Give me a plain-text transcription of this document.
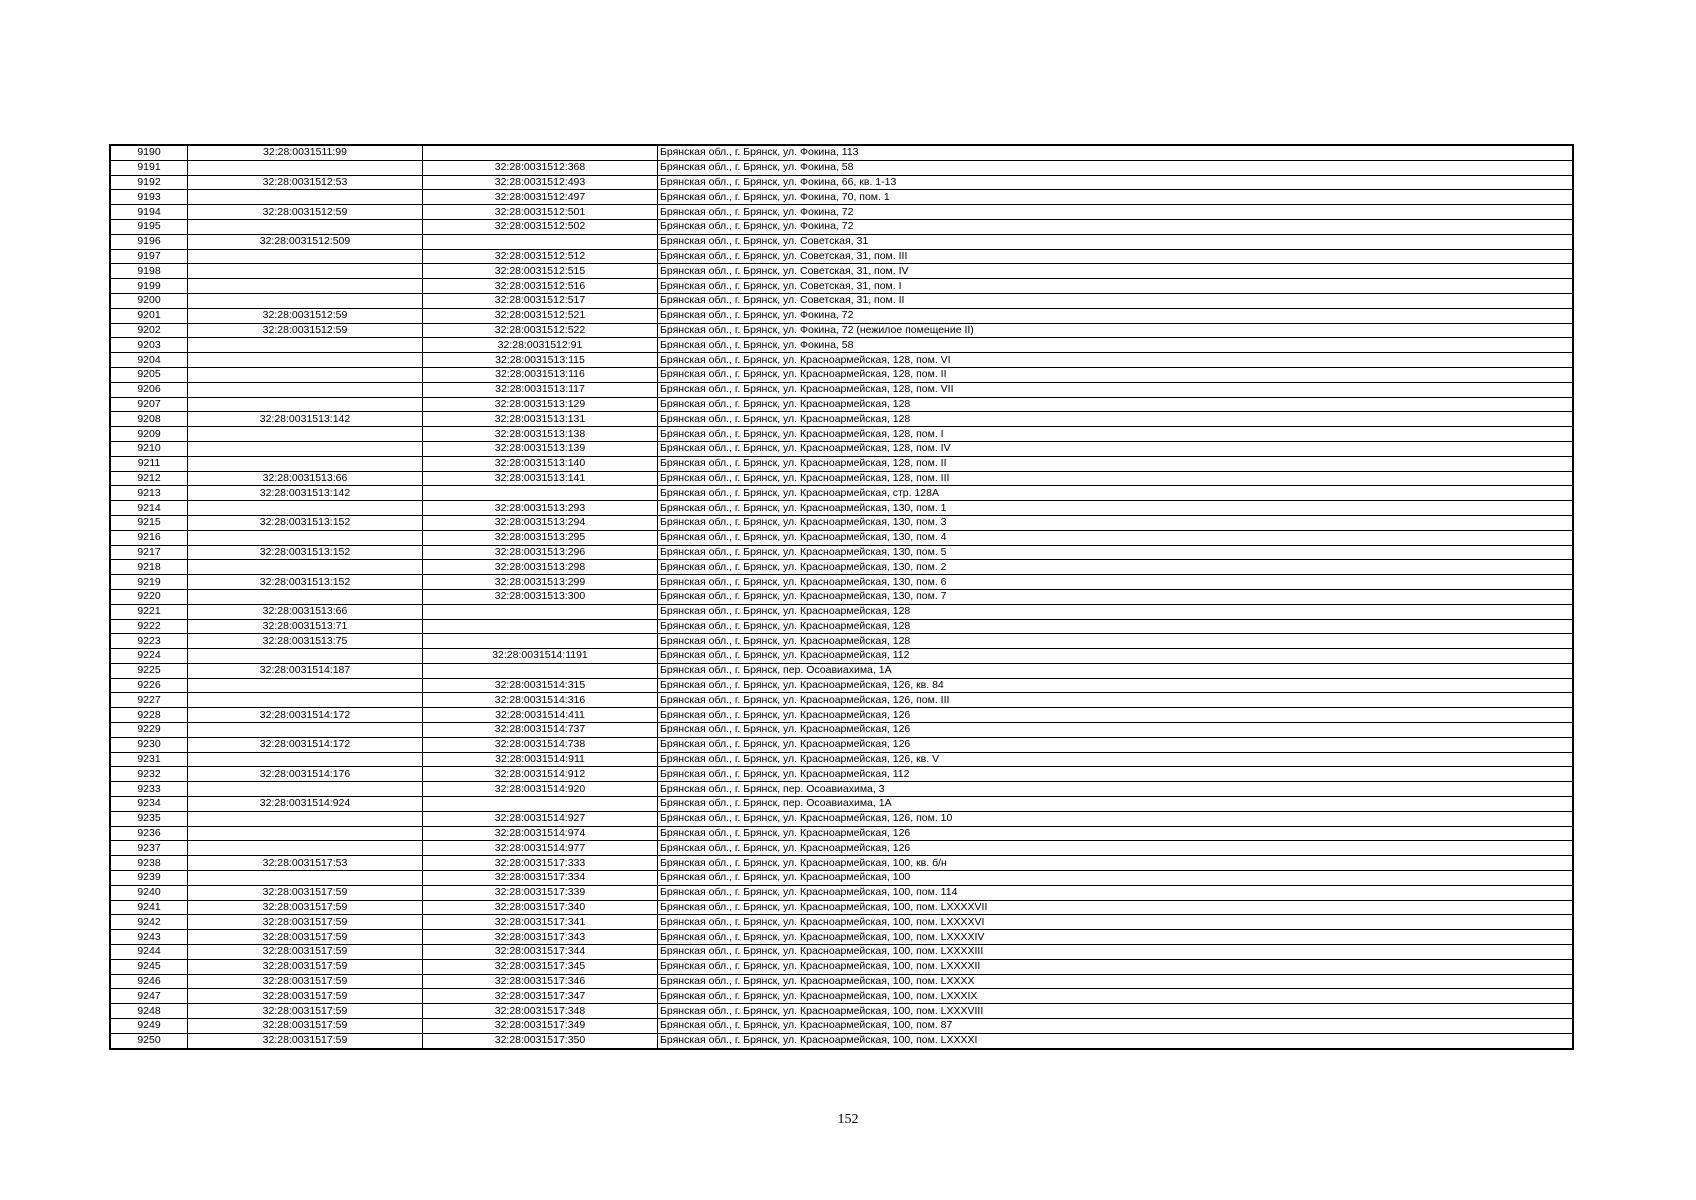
9190	32:28:0031511:99		Брянская обл., г. Брянск, ул. Фокина, 113
9191		32:28:0031512:368	Брянская обл., г. Брянск, ул. Фокина, 58
9192	32:28:0031512:53	32:28:0031512:493	Брянская обл., г. Брянск, ул. Фокина, 66, кв. 1-13
9193		32:28:0031512:497	Брянская обл., г. Брянск, ул. Фокина, 70, пом. 1
9194	32:28:0031512:59	32:28:0031512:501	Брянская обл., г. Брянск, ул. Фокина, 72
9195		32:28:0031512:502	Брянская обл., г. Брянск, ул. Фокина, 72
9196	32:28:0031512:509		Брянская обл., г. Брянск, ул. Советская, 31
9197		32:28:0031512:512	Брянская обл., г. Брянск, ул. Советская, 31, пом. III
9198		32:28:0031512:515	Брянская обл., г. Брянск, ул. Советская, 31, пом. IV
9199		32:28:0031512:516	Брянская обл., г. Брянск, ул. Советская, 31, пом. I
9200		32:28:0031512:517	Брянская обл., г. Брянск, ул. Советская, 31, пом. II
9201	32:28:0031512:59	32:28:0031512:521	Брянская обл., г. Брянск, ул. Фокина, 72
9202	32:28:0031512:59	32:28:0031512:522	Брянская обл., г. Брянск, ул. Фокина, 72 (нежилое помещение II)
9203		32:28:0031512:91	Брянская обл., г. Брянск, ул. Фокина, 58
9204		32:28:0031513:115	Брянская обл., г. Брянск, ул. Красноармейская, 128, пом. VI
9205		32:28:0031513:116	Брянская обл., г. Брянск, ул. Красноармейская, 128, пом. II
9206		32:28:0031513:117	Брянская обл., г. Брянск, ул. Красноармейская, 128, пом. VII
9207		32:28:0031513:129	Брянская обл., г. Брянск, ул. Красноармейская, 128
9208	32:28:0031513:142	32:28:0031513:131	Брянская обл., г. Брянск, ул. Красноармейская, 128
9209		32:28:0031513:138	Брянская обл., г. Брянск, ул. Красноармейская, 128, пом. I
9210		32:28:0031513:139	Брянская обл., г. Брянск, ул. Красноармейская, 128, пом. IV
9211		32:28:0031513:140	Брянская обл., г. Брянск, ул. Красноармейская, 128, пом. II
9212	32:28:0031513:66	32:28:0031513:141	Брянская обл., г. Брянск, ул. Красноармейская, 128, пом. III
9213	32:28:0031513:142		Брянская обл., г. Брянск, ул. Красноармейская, стр. 128А
9214		32:28:0031513:293	Брянская обл., г. Брянск, ул. Красноармейская, 130, пом. 1
9215	32:28:0031513:152	32:28:0031513:294	Брянская обл., г. Брянск, ул. Красноармейская, 130, пом. 3
9216		32:28:0031513:295	Брянская обл., г. Брянск, ул. Красноармейская, 130, пом. 4
9217	32:28:0031513:152	32:28:0031513:296	Брянская обл., г. Брянск, ул. Красноармейская, 130, пом. 5
9218		32:28:0031513:298	Брянская обл., г. Брянск, ул. Красноармейская, 130, пом. 2
9219	32:28:0031513:152	32:28:0031513:299	Брянская обл., г. Брянск, ул. Красноармейская, 130, пом. 6
9220		32:28:0031513:300	Брянская обл., г. Брянск, ул. Красноармейская, 130, пом. 7
9221	32:28:0031513:66		Брянская обл., г. Брянск, ул. Красноармейская, 128
9222	32:28:0031513:71		Брянская обл., г. Брянск, ул. Красноармейская, 128
9223	32:28:0031513:75		Брянская обл., г. Брянск, ул. Красноармейская, 128
9224		32:28:0031514:1191	Брянская обл., г. Брянск, ул. Красноармейская, 112
9225	32:28:0031514:187		Брянская обл., г. Брянск, пер. Осоавиахима, 1А
9226		32:28:0031514:315	Брянская обл., г. Брянск, ул. Красноармейская, 126, кв. 84
9227		32:28:0031514:316	Брянская обл., г. Брянск, ул. Красноармейская, 126, пом. III
9228	32:28:0031514:172	32:28:0031514:411	Брянская обл., г. Брянск, ул. Красноармейская, 126
9229		32:28:0031514:737	Брянская обл., г. Брянск, ул. Красноармейская, 126
9230	32:28:0031514:172	32:28:0031514:738	Брянская обл., г. Брянск, ул. Красноармейская, 126
9231		32:28:0031514:911	Брянская обл., г. Брянск, ул. Красноармейская, 126, кв. V
9232	32:28:0031514:176	32:28:0031514:912	Брянская обл., г. Брянск, ул. Красноармейская, 112
9233		32:28:0031514:920	Брянская обл., г. Брянск, пер. Осоавиахима, 3
9234	32:28:0031514:924		Брянская обл., г. Брянск, пер. Осоавиахима, 1А
9235		32:28:0031514:927	Брянская обл., г. Брянск, ул. Красноармейская, 126, пом. 10
9236		32:28:0031514:974	Брянская обл., г. Брянск, ул. Красноармейская, 126
9237		32:28:0031514:977	Брянская обл., г. Брянск, ул. Красноармейская, 126
9238	32:28:0031517:53	32:28:0031517:333	Брянская обл., г. Брянск, ул. Красноармейская, 100, кв. б/н
9239		32:28:0031517:334	Брянская обл., г. Брянск, ул. Красноармейская, 100
9240	32:28:0031517:59	32:28:0031517:339	Брянская обл., г. Брянск, ул. Красноармейская, 100, пом. 114
9241	32:28:0031517:59	32:28:0031517:340	Брянская обл., г. Брянск, ул. Красноармейская, 100, пом. LXXXXVII
9242	32:28:0031517:59	32:28:0031517:341	Брянская обл., г. Брянск, ул. Красноармейская, 100, пом. LXXXXVI
9243	32:28:0031517:59	32:28:0031517:343	Брянская обл., г. Брянск, ул. Красноармейская, 100, пом. LXXXXIV
9244	32:28:0031517:59	32:28:0031517:344	Брянская обл., г. Брянск, ул. Красноармейская, 100, пом. LXXXXIII
9245	32:28:0031517:59	32:28:0031517:345	Брянская обл., г. Брянск, ул. Красноармейская, 100, пом. LXXXXII
9246	32:28:0031517:59	32:28:0031517:346	Брянская обл., г. Брянск, ул. Красноармейская, 100, пом. LXXXX
9247	32:28:0031517:59	32:28:0031517:347	Брянская обл., г. Брянск, ул. Красноармейская, 100, пом. LXXXIX
9248	32:28:0031517:59	32:28:0031517:348	Брянская обл., г. Брянск, ул. Красноармейская, 100, пом. LXXXVIII
9249	32:28:0031517:59	32:28:0031517:349	Брянская обл., г. Брянск, ул. Красноармейская, 100, пом. 87
9250	32:28:0031517:59	32:28:0031517:350	Брянская обл., г. Брянск, ул. Красноармейская, 100, пом. LXXXXI
152
